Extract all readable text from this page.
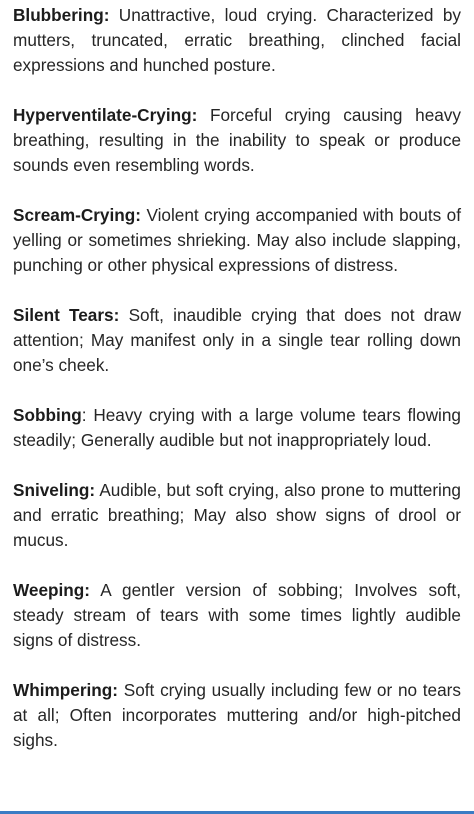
Blubbering: Unattractive, loud crying. Characterized by mutters, truncated, erratic breathing, clinched facial expressions and hunched posture.

Hyperventilate-Crying: Forceful crying causing heavy breathing, resulting in the inability to speak or produce sounds even resembling words.

Scream-Crying: Violent crying accompanied with bouts of yelling or sometimes shrieking. May also include slapping, punching or other physical expressions of distress.

Silent Tears: Soft, inaudible crying that does not draw attention; May manifest only in a single tear rolling down one’s cheek.

Sobbing: Heavy crying with a large volume tears flowing steadily; Generally audible but not inappropriately loud.

Sniveling: Audible, but soft crying, also prone to muttering and erratic breathing; May also show signs of drool or mucus.

Weeping: A gentler version of sobbing; Involves soft, steady stream of tears with some times lightly audible signs of distress.

Whimpering: Soft crying usually including few or no tears at all; Often incorporates muttering and/or high-pitched sighs.
